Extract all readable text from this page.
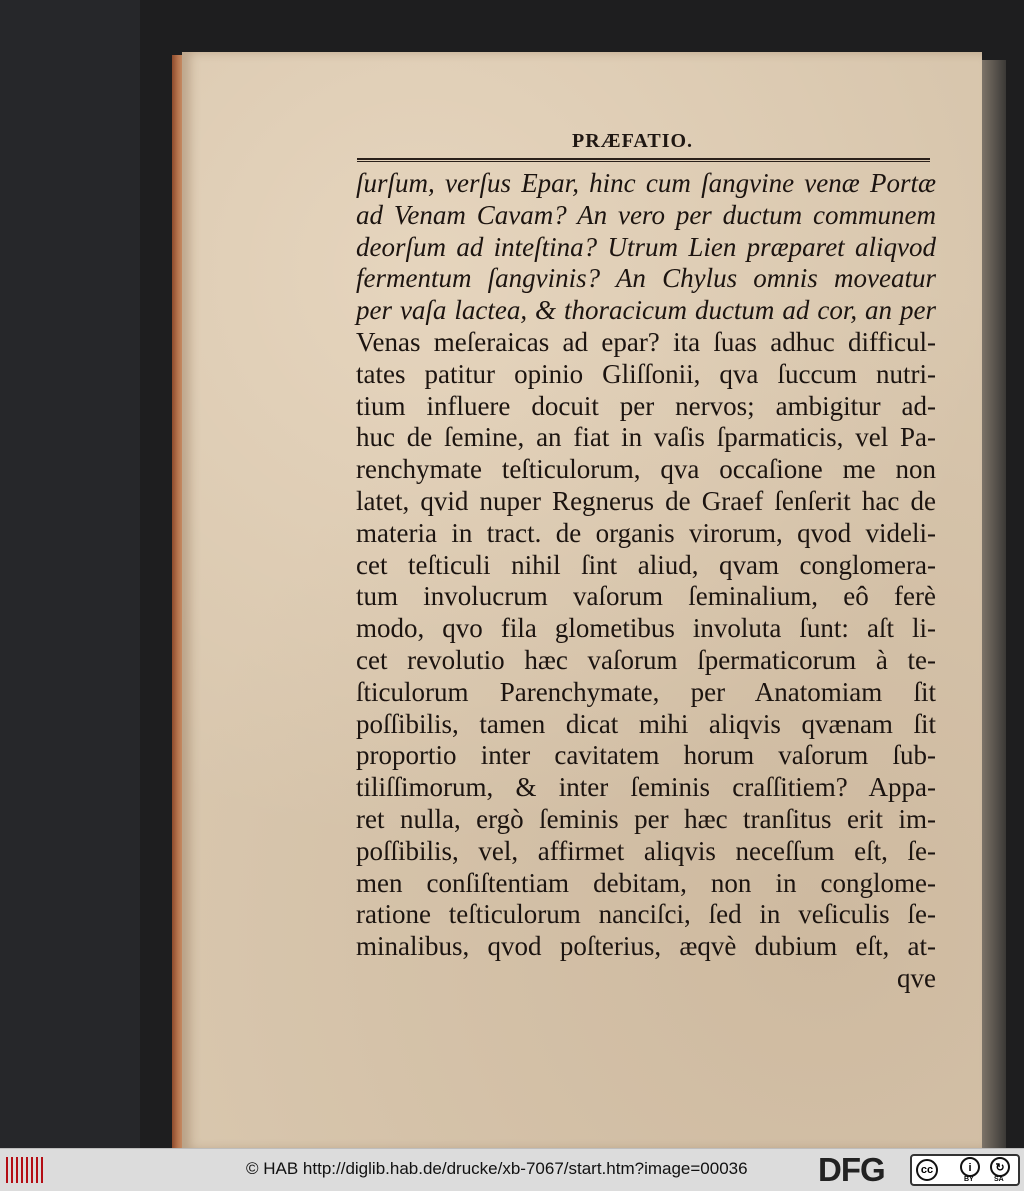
PRÆFATIO.
ſurſum, verſus Epar, hinc cum ſangvine venæ Portæ
ad Venam Cavam? An vero per ductum communem
deorſum ad inteſtina? Utrum Lien præparet aliqvod
fermentum ſangvinis? An Chylus omnis moveatur
per vaſa lactea, & thoracicum ductum ad cor, an per
Venas meſeraicas ad epar? ita ſuas adhuc difficul-
tates patitur opinio Gliſſonii, qva ſuccum nutri-
tium influere docuit per nervos; ambigitur ad-
huc de ſemine, an fiat in vaſis ſparmaticis, vel Pa-
renchymate teſticulorum, qva occaſione me non
latet, qvid nuper Regnerus de Graef ſenſerit hac de
materia in tract. de organis virorum, qvod videli-
cet teſticuli nihil ſint aliud, qvam conglomera-
tum involucrum vaſorum ſeminalium, eô ferè
modo, qvo fila glometibus involuta ſunt: aſt li-
cet revolutio hæc vaſorum ſpermaticorum à te-
ſticulorum Parenchymate, per Anatomiam ſit
poſſibilis, tamen dicat mihi aliqvis qvænam ſit
proportio inter cavitatem horum vaſorum ſub-
tiliſſimorum, & inter ſeminis craſſitiem? Appa-
ret nulla, ergò ſeminis per hæc tranſitus erit im-
poſſibilis, vel, affirmet aliqvis neceſſum eſt, ſe-
men conſiſtentiam debitam, non in conglome-
ratione teſticulorum nanciſci, ſed in veſiculis ſe-
minalibus, qvod poſterius, æqvè dubium eſt, at-
qve
© HAB http://diglib.hab.de/drucke/xb-7067/start.htm?image=00036 DFG	cc	i	↻
BY	SA
